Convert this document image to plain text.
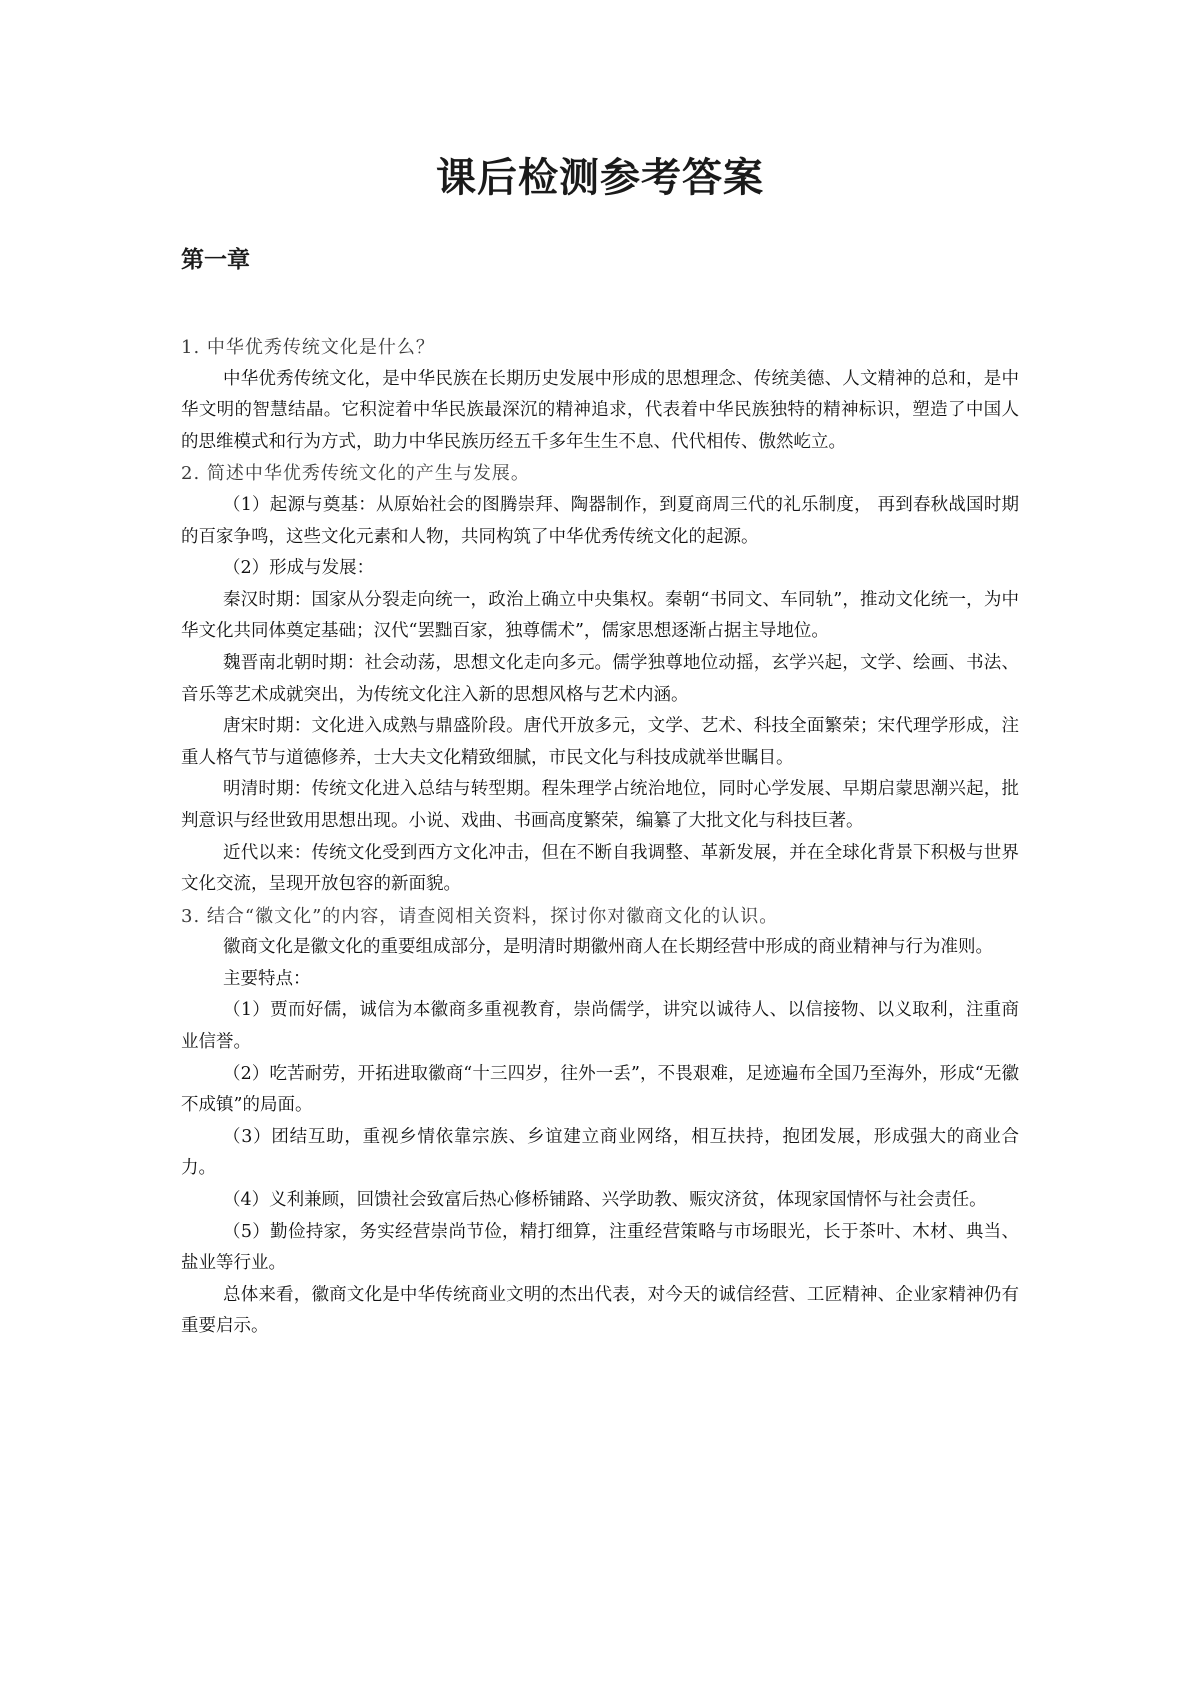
课后检测参考答案
第一章

1. 中华优秀传统文化是什么？

中华优秀传统文化，是中华民族在长期历史发展中形成的思想理念、传统美德、人文精神的总和，是中华文明的智慧结晶。它积淀着中华民族最深沉的精神追求，代表着中华民族独特的精神标识，塑造了中国人的思维模式和行为方式，助力中华民族历经五千多年生生不息、代代相传、傲然屹立。

2. 简述中华优秀传统文化的产生与发展。

（1）起源与奠基：从原始社会的图腾崇拜、陶器制作，到夏商周三代的礼乐制度， 再到春秋战国时期的百家争鸣，这些文化元素和人物，共同构筑了中华优秀传统文化的起源。

（2）形成与发展：

秦汉时期：国家从分裂走向统一，政治上确立中央集权。秦朝“书同文、车同轨”，推动文化统一，为中华文化共同体奠定基础；汉代“罢黜百家，独尊儒术”，儒家思想逐渐占据主导地位。

魏晋南北朝时期：社会动荡，思想文化走向多元。儒学独尊地位动摇，玄学兴起，文学、绘画、书法、音乐等艺术成就突出，为传统文化注入新的思想风格与艺术内涵。

唐宋时期：文化进入成熟与鼎盛阶段。唐代开放多元，文学、艺术、科技全面繁荣；宋代理学形成，注重人格气节与道德修养，士大夫文化精致细腻，市民文化与科技成就举世瞩目。

明清时期：传统文化进入总结与转型期。程朱理学占统治地位，同时心学发展、早期启蒙思潮兴起，批判意识与经世致用思想出现。小说、戏曲、书画高度繁荣，编纂了大批文化与科技巨著。

近代以来：传统文化受到西方文化冲击，但在不断自我调整、革新发展，并在全球化背景下积极与世界文化交流，呈现开放包容的新面貌。

3. 结合“徽文化”的内容，请查阅相关资料，探讨你对徽商文化的认识。

徽商文化是徽文化的重要组成部分，是明清时期徽州商人在长期经营中形成的商业精神与行为准则。

主要特点：

（1）贾而好儒，诚信为本徽商多重视教育，崇尚儒学，讲究以诚待人、以信接物、以义取利，注重商业信誉。

（2）吃苦耐劳，开拓进取徽商“十三四岁，往外一丢”，不畏艰难，足迹遍布全国乃至海外，形成“无徽不成镇”的局面。

（3）团结互助，重视乡情依靠宗族、乡谊建立商业网络，相互扶持，抱团发展，形成强大的商业合力。

（4）义利兼顾，回馈社会致富后热心修桥铺路、兴学助教、赈灾济贫，体现家国情怀与社会责任。

（5）勤俭持家，务实经营崇尚节俭，精打细算，注重经营策略与市场眼光，长于茶叶、木材、典当、盐业等行业。

总体来看，徽商文化是中华传统商业文明的杰出代表，对今天的诚信经营、工匠精神、企业家精神仍有重要启示。
